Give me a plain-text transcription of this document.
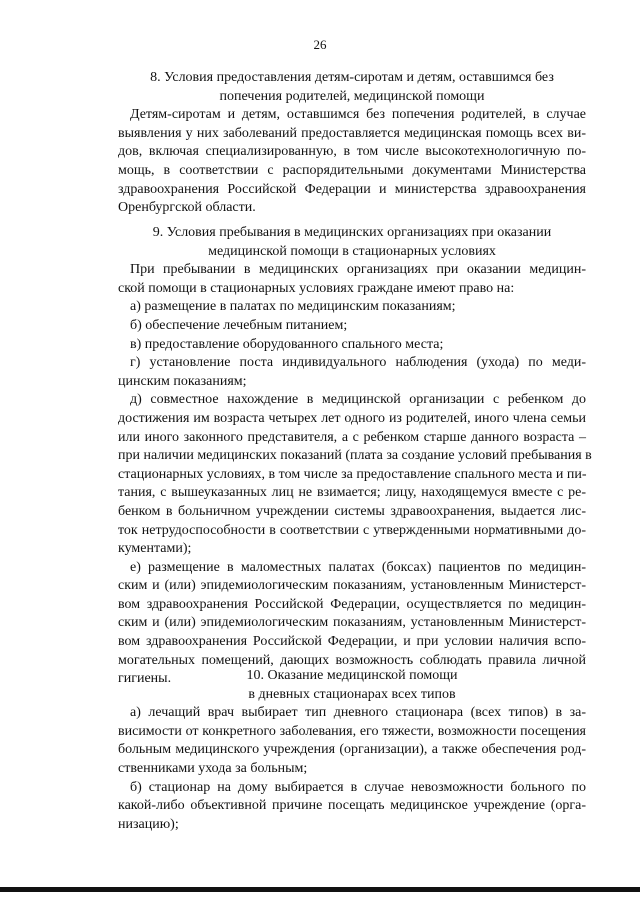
26
8. Условия предоставления детям-сиротам и детям, оставшимся без
попечения родителей, медицинской помощи
Детям-сиротам и детям, оставшимся без попечения родителей, в случае
выявления у них заболеваний предоставляется медицинская помощь всех ви-
дов, включая специализированную, в том числе высокотехнологичную по-
мощь, в соответствии с распорядительными документами Министерства
здравоохранения Российской Федерации и министерства здравоохранения
Оренбургской области.
9. Условия пребывания в медицинских организациях при оказании
медицинской помощи в стационарных условиях
При пребывании в медицинских организациях при оказании медицин-
ской помощи в стационарных условиях граждане имеют право на:
а) размещение в палатах по медицинским показаниям;
б) обеспечение лечебным питанием;
в) предоставление оборудованного спального места;
г) установление поста индивидуального наблюдения (ухода) по меди-
цинским показаниям;
д) совместное нахождение в медицинской организации с ребенком до
достижения им возраста четырех лет одного из родителей, иного члена семьи
или иного законного представителя, а с ребенком старше данного возраста –
при наличии медицинских показаний (плата за создание условий пребывания в
стационарных условиях, в том числе за предоставление спального места и пи-
тания, с вышеуказанных лиц не взимается; лицу, находящемуся вместе с ре-
бенком в больничном учреждении системы здравоохранения, выдается лис-
ток нетрудоспособности в соответствии с утвержденными нормативными до-
кументами);
е) размещение в маломестных палатах (боксах) пациентов по медицин-
ским и (или) эпидемиологическим показаниям, установленным Министерст-
вом здравоохранения Российской Федерации, осуществляется по медицин-
ским и (или) эпидемиологическим показаниям, установленным Министерст-
вом здравоохранения Российской Федерации, и при условии наличия вспо-
могательных помещений, дающих возможность соблюдать правила личной
гигиены.	10. Оказание медицинской помощи
в дневных стационарах всех типов
а) лечащий врач выбирает тип дневного стационара (всех типов) в за-
висимости от конкретного заболевания, его тяжести, возможности посещения
больным медицинского учреждения (организации), а также обеспечения род-
ственниками ухода за больным;
б) стационар на дому выбирается в случае невозможности больного по
какой-либо объективной причине посещать медицинское учреждение (орга-
низацию);
